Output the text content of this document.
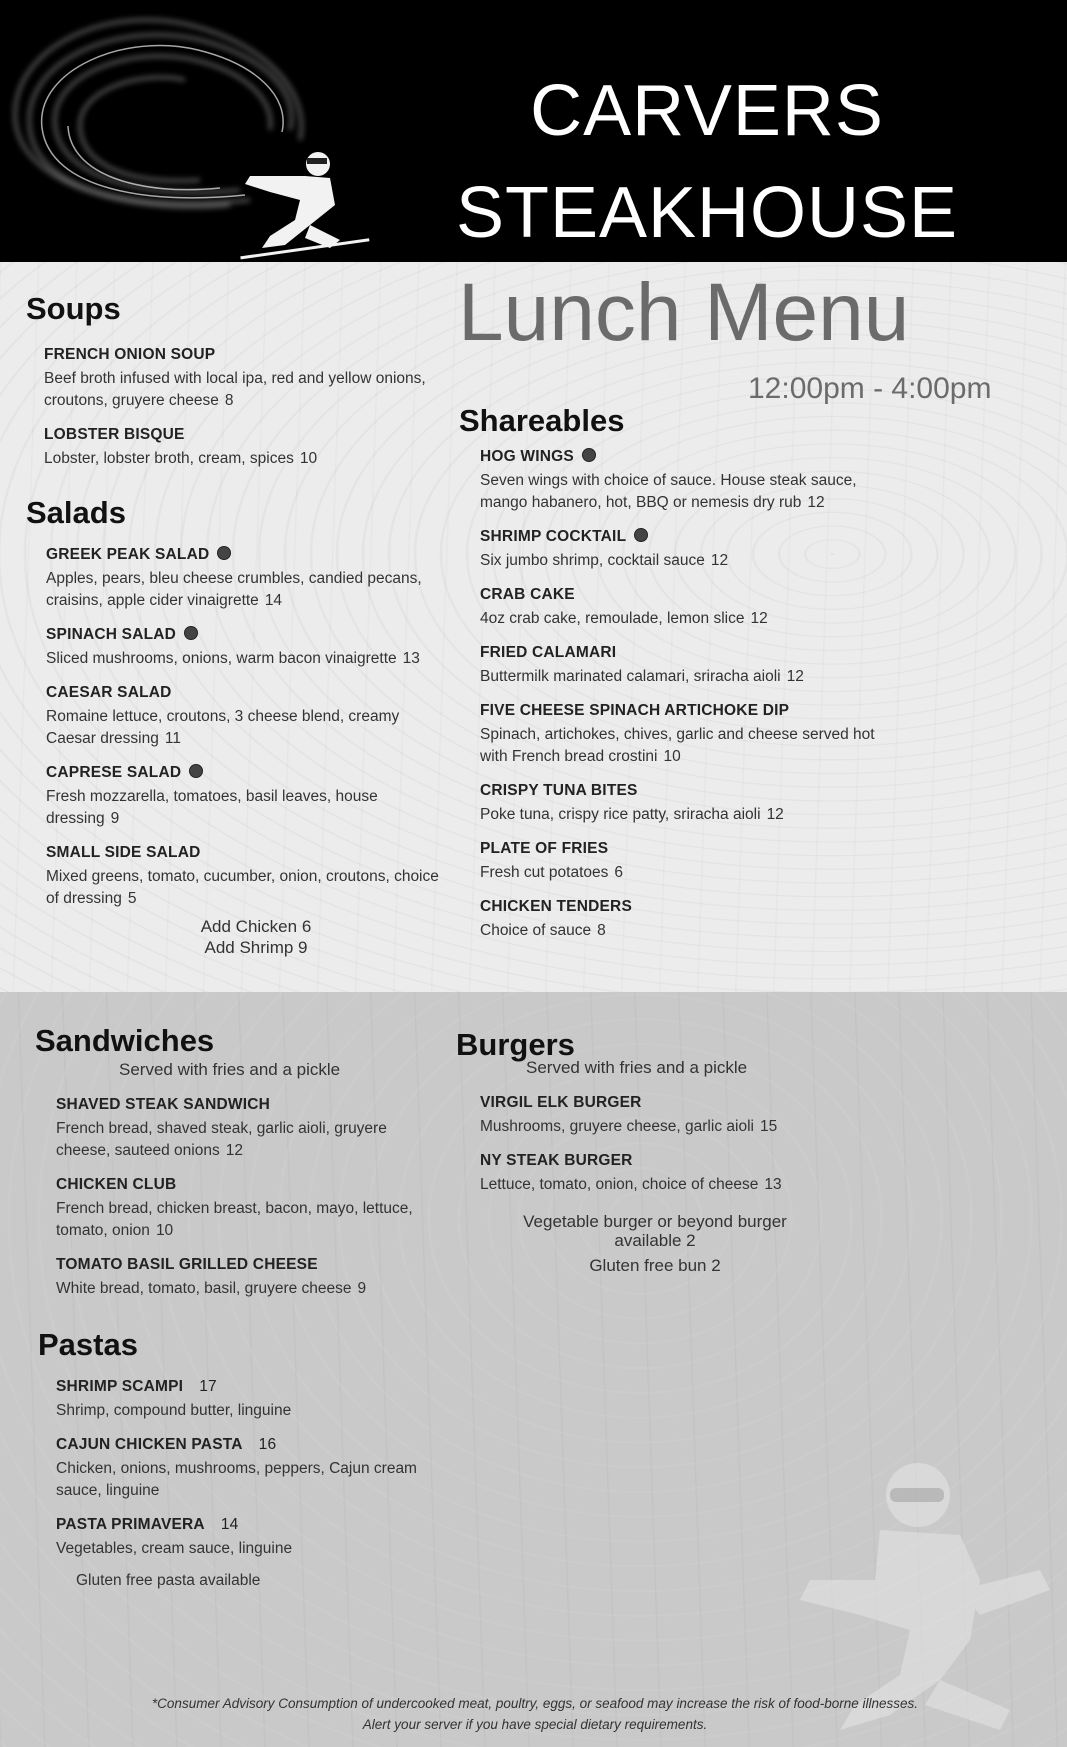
CARVERS
STEAKHOUSE
Lunch Menu
12:00pm - 4:00pm
Soups
FRENCH ONION SOUP
Beef broth infused with local ipa, red and yellow onions, croutons, gruyere cheese 8
LOBSTER BISQUE
Lobster, lobster broth, cream, spices 10
Salads
GREEK PEAK SALAD
Apples, pears, bleu cheese crumbles, candied pecans, craisins, apple cider vinaigrette 14
SPINACH SALAD
Sliced mushrooms, onions, warm bacon vinaigrette 13
CAESAR SALAD
Romaine lettuce, croutons, 3 cheese blend, creamy Caesar dressing 11
CAPRESE SALAD
Fresh mozzarella, tomatoes, basil leaves, house dressing 9
SMALL SIDE SALAD
Mixed greens, tomato, cucumber, onion, croutons, choice of dressing 5
Add Chicken 6
Add Shrimp 9
Shareables
HOG WINGS
Seven wings with choice of sauce. House steak sauce, mango habanero, hot, BBQ or nemesis dry rub 12
SHRIMP COCKTAIL
Six jumbo shrimp, cocktail sauce 12
CRAB CAKE
4oz crab cake, remoulade, lemon slice 12
FRIED CALAMARI
Buttermilk marinated calamari, sriracha aioli 12
FIVE CHEESE SPINACH ARTICHOKE DIP
Spinach, artichokes, chives, garlic and cheese served hot with French bread crostini 10
CRISPY TUNA BITES
Poke tuna, crispy rice patty, sriracha aioli 12
PLATE OF FRIES
Fresh cut potatoes 6
CHICKEN TENDERS
Choice of sauce 8
Sandwiches
Served with fries and a pickle
SHAVED STEAK SANDWICH
French bread, shaved steak, garlic aioli, gruyere cheese, sauteed onions 12
CHICKEN CLUB
French bread, chicken breast, bacon, mayo, lettuce, tomato, onion 10
TOMATO BASIL GRILLED CHEESE
White bread, tomato, basil, gruyere cheese 9
Burgers
Served with fries and a pickle
VIRGIL ELK BURGER
Mushrooms, gruyere cheese, garlic aioli 15
NY STEAK BURGER
Lettuce, tomato, onion, choice of cheese 13
Vegetable burger or beyond burger available 2
Gluten free bun 2
Pastas
SHRIMP SCAMPI 17
Shrimp, compound butter, linguine
CAJUN CHICKEN PASTA 16
Chicken, onions, mushrooms, peppers, Cajun cream sauce, linguine
PASTA PRIMAVERA 14
Vegetables, cream sauce, linguine
Gluten free pasta available
*Consumer Advisory Consumption of undercooked meat, poultry, eggs, or seafood may increase the risk of food-borne illnesses. Alert your server if you have special dietary requirements.
